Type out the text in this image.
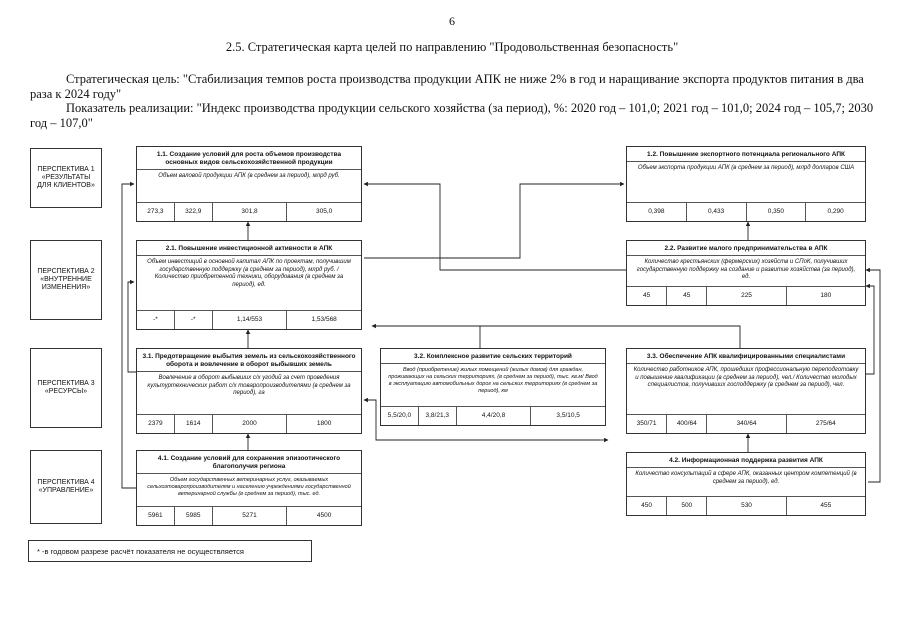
6
2.5. Стратегическая карта целей по направлению "Продовольственная безопасность"
Стратегическая цель: "Стабилизация темпов роста производства продукции АПК не ниже 2% в год и наращивание экспорта продуктов питания в два раза к 2024 году"
Показатель реализации: "Индекс производства продукции сельского хозяйства (за период), %: 2020 год – 101,0; 2021 год – 101,0; 2024 год – 105,7; 2030 год – 107,0"
ПЕРСПЕКТИВА 1 «РЕЗУЛЬТАТЫ ДЛЯ КЛИЕНТОВ»
ПЕРСПЕКТИВА 2 «ВНУТРЕННИЕ ИЗМЕНЕНИЯ»
ПЕРСПЕКТИВА 3 «РЕСУРСЫ»
ПЕРСПЕКТИВА 4 «УПРАВЛЕНИЕ»
1.1. Создание условий для роста объемов производства основных видов сельскохозяйственной продукции
Объем валовой продукции АПК (в среднем за период), млрд руб.
273,3	322,9	301,8	305,0
1.2. Повышение экспортного потенциала регионального АПК
Объем экспорта продукции АПК (в среднем за период), млрд долларов США
0,398	0,433	0,350	0,290
2.1. Повышение инвестиционной активности в АПК
Объем инвестиций в основной капитал АПК по проектам, получившим государственную поддержку (в среднем за период), млрд руб. /Количество приобретенной техники, оборудования (в среднем за период), ед.
-*	-*	1,14/553	1,53/568
2.2. Развитие малого предпринимательства в АПК
Количество крестьянских (фермерских) хозяйств и СПоК, получивших государственную поддержку на создание и развитие хозяйства (за период), ед.
45	45	225	180
3.1. Предотвращение выбытия земель из сельскохозяйственного оборота и вовлечение в оборот выбывших земель
Вовлечение в оборот выбывших с/х угодий за счет проведения культуртехнических работ с/х товаропроизводителями (в среднем за период), га
2379	1614	2000	1800
3.2. Комплексное развитие сельских территорий
Ввод (приобретение) жилых помещений (жилых домов) для граждан, проживающих на сельских территориях, (в среднем за период), тыс. кв.м/ Ввод в эксплуатацию автомобильных дорог на сельских территориях (в среднем за период), км
5,5/20,0	3,8/21,3	4,4/20,8	3,5/10,5
3.3. Обеспечение АПК квалифицированными специалистами
Количество работников АПК, прошедших профессиональную переподготовку и повышение квалификации (в среднем за период), чел./ Количество молодых специалистов, получивших господдержку (в среднем за период), чел.
350/71	400/64	340/64	275/64
4.1. Создание условий для сохранения эпизоотического благополучия региона
Объем государственных ветеринарных услуг, оказываемых сельхозтоваропроизводителям и населению учреждениями государственной ветеринарной службы (в среднем за период), тыс. ед.
5961	5985	5271	4500
4.2. Информационная поддержка развития АПК
Количество консультаций в сфере АПК, оказанных центром компетенций (в среднем за период), ед.
450	500	530	455
* -в годовом разрезе расчёт показателя не осуществляется
